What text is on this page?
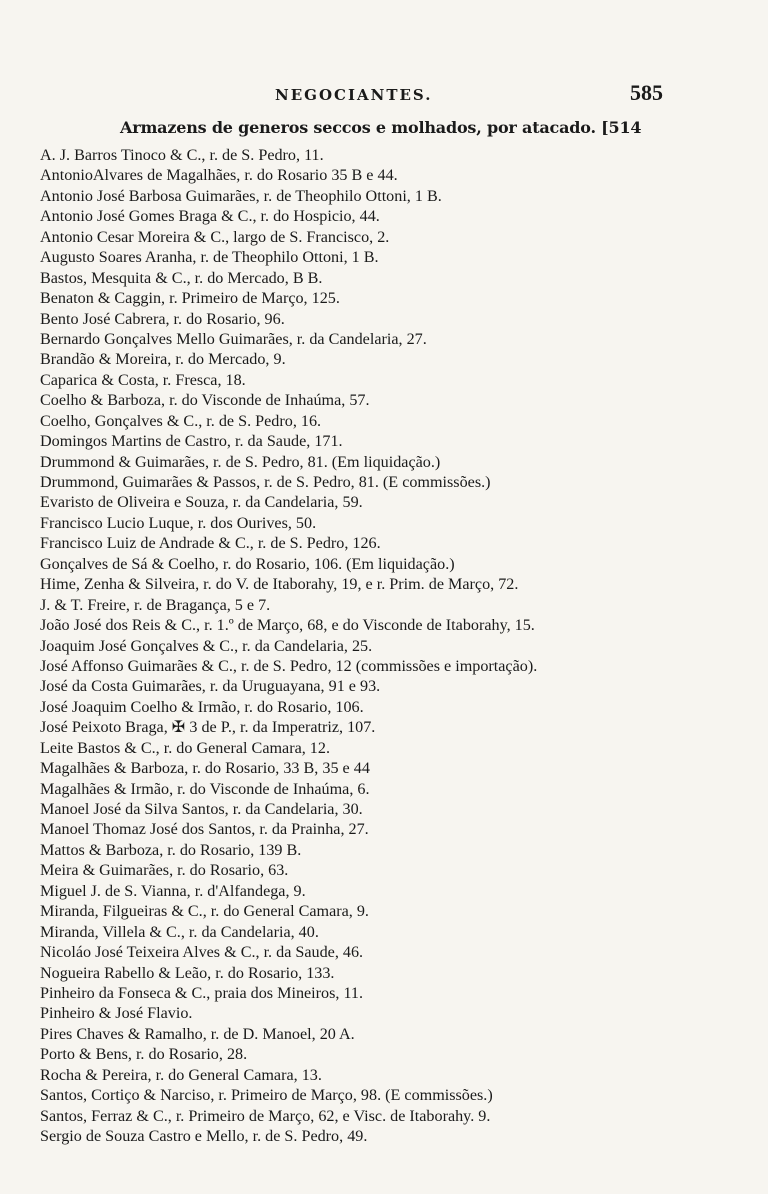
NEGOCIANTES.	585
Armazens de generos seccos e molhados, por atacado. [514
A. J. Barros Tinoco & C., r. de S. Pedro, 11.
AntonioAlvares de Magalhães, r. do Rosario 35 B e 44.
Antonio José Barbosa Guimarães, r. de Theophilo Ottoni, 1 B.
Antonio José Gomes Braga & C., r. do Hospicio, 44.
Antonio Cesar Moreira & C., largo de S. Francisco, 2.
Augusto Soares Aranha, r. de Theophilo Ottoni, 1 B.
Bastos, Mesquita & C., r. do Mercado, B B.
Benaton & Caggin, r. Primeiro de Março, 125.
Bento José Cabrera, r. do Rosario, 96.
Bernardo Gonçalves Mello Guimarães, r. da Candelaria, 27.
Brandão & Moreira, r. do Mercado, 9.
Caparica & Costa, r. Fresca, 18.
Coelho & Barboza, r. do Visconde de Inhaúma, 57.
Coelho, Gonçalves & C., r. de S. Pedro, 16.
Domingos Martins de Castro, r. da Saude, 171.
Drummond & Guimarães, r. de S. Pedro, 81. (Em liquidação.)
Drummond, Guimarães & Passos, r. de S. Pedro, 81. (E commissões.)
Evaristo de Oliveira e Souza, r. da Candelaria, 59.
Francisco Lucio Luque, r. dos Ourives, 50.
Francisco Luiz de Andrade & C., r. de S. Pedro, 126.
Gonçalves de Sá & Coelho, r. do Rosario, 106. (Em liquidação.)
Hime, Zenha & Silveira, r. do V. de Itaborahy, 19, e r. Prim. de Março, 72.
J. & T. Freire, r. de Bragança, 5 e 7.
João José dos Reis & C., r. 1.º de Março, 68, e do Visconde de Itaborahy, 15.
Joaquim José Gonçalves & C., r. da Candelaria, 25.
José Affonso Guimarães & C., r. de S. Pedro, 12 (commissões e importação).
José da Costa Guimarães, r. da Uruguayana, 91 e 93.
José Joaquim Coelho & Irmão, r. do Rosario, 106.
José Peixoto Braga, ✠ 3 de P., r. da Imperatriz, 107.
Leite Bastos & C., r. do General Camara, 12.
Magalhães & Barboza, r. do Rosario, 33 B, 35 e 44
Magalhães & Irmão, r. do Visconde de Inhaúma, 6.
Manoel José da Silva Santos, r. da Candelaria, 30.
Manoel Thomaz José dos Santos, r. da Prainha, 27.
Mattos & Barboza, r. do Rosario, 139 B.
Meira & Guimarães, r. do Rosario, 63.
Miguel J. de S. Vianna, r. d'Alfandega, 9.
Miranda, Filgueiras & C., r. do General Camara, 9.
Miranda, Villela & C., r. da Candelaria, 40.
Nicoláo José Teixeira Alves & C., r. da Saude, 46.
Nogueira Rabello & Leão, r. do Rosario, 133.
Pinheiro da Fonseca & C., praia dos Mineiros, 11.
Pinheiro & José Flavio.
Pires Chaves & Ramalho, r. de D. Manoel, 20 A.
Porto & Bens, r. do Rosario, 28.
Rocha & Pereira, r. do General Camara, 13.
Santos, Cortiço & Narciso, r. Primeiro de Março, 98. (E commissões.)
Santos, Ferraz & C., r. Primeiro de Março, 62, e Visc. de Itaborahy. 9.
Sergio de Souza Castro e Mello, r. de S. Pedro, 49.
